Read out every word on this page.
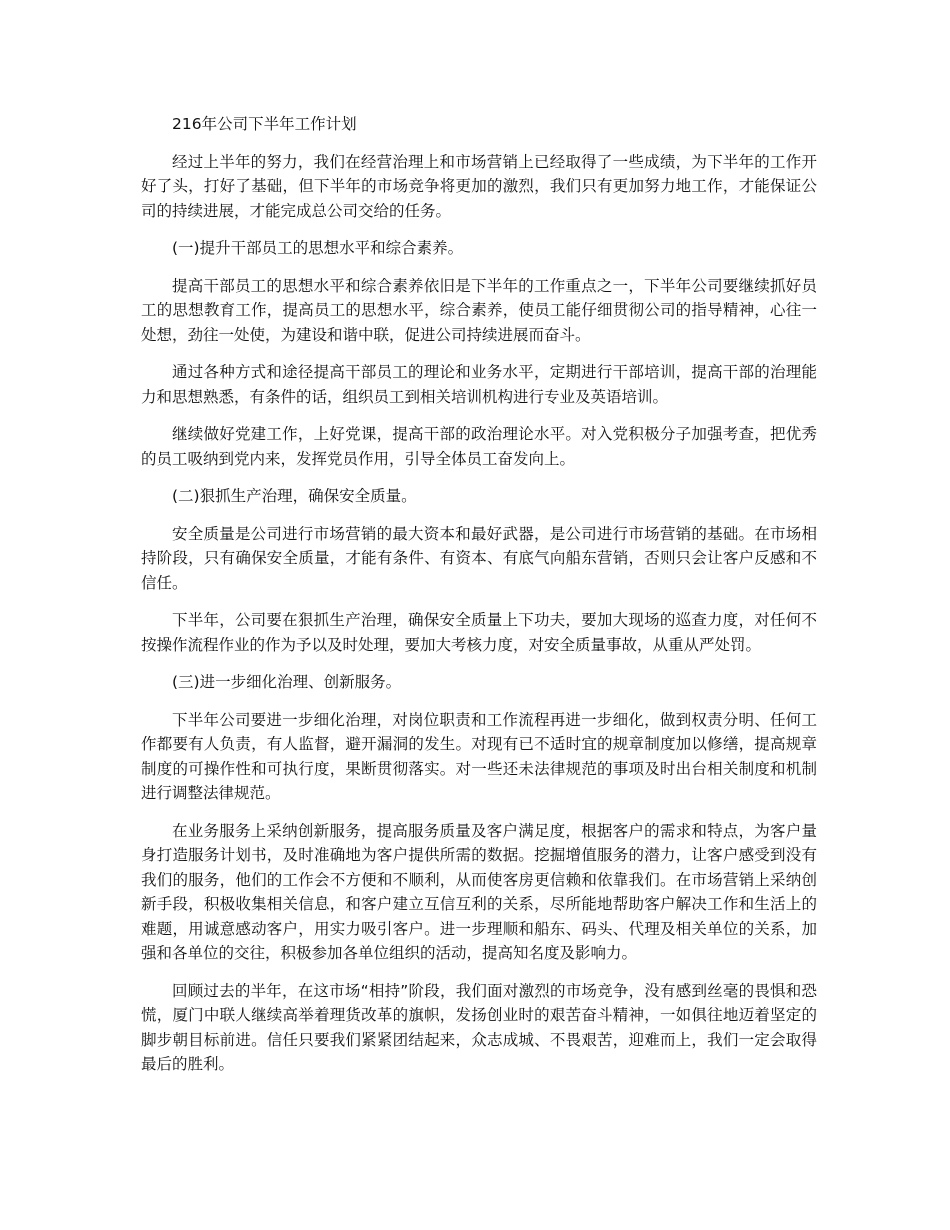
216年公司下半年工作计划

经过上半年的努力，我们在经营治理上和市场营销上已经取得了一些成绩，为下半年的工作开好了头，打好了基础，但下半年的市场竞争将更加的激烈，我们只有更加努力地工作，才能保证公司的持续进展，才能完成总公司交给的任务。

(一)提升干部员工的思想水平和综合素养。

提高干部员工的思想水平和综合素养依旧是下半年的工作重点之一，下半年公司要继续抓好员工的思想教育工作，提高员工的思想水平，综合素养，使员工能仔细贯彻公司的指导精神，心往一处想，劲往一处使，为建设和谐中联，促进公司持续进展而奋斗。

通过各种方式和途径提高干部员工的理论和业务水平，定期进行干部培训，提高干部的治理能力和思想熟悉，有条件的话，组织员工到相关培训机构进行专业及英语培训。

继续做好党建工作，上好党课，提高干部的政治理论水平。对入党积极分子加强考查，把优秀的员工吸纳到党内来，发挥党员作用，引导全体员工奋发向上。

(二)狠抓生产治理，确保安全质量。

安全质量是公司进行市场营销的最大资本和最好武器，是公司进行市场营销的基础。在市场相持阶段，只有确保安全质量，才能有条件、有资本、有底气向船东营销，否则只会让客户反感和不信任。

下半年，公司要在狠抓生产治理，确保安全质量上下功夫，要加大现场的巡查力度，对任何不按操作流程作业的作为予以及时处理，要加大考核力度，对安全质量事故，从重从严处罚。

(三)进一步细化治理、创新服务。

下半年公司要进一步细化治理，对岗位职责和工作流程再进一步细化，做到权责分明、任何工作都要有人负责，有人监督，避开漏洞的发生。对现有已不适时宜的规章制度加以修缮，提高规章制度的可操作性和可执行度，果断贯彻落实。对一些还未法律规范的事项及时出台相关制度和机制进行调整法律规范。

在业务服务上采纳创新服务，提高服务质量及客户满足度，根据客户的需求和特点，为客户量身打造服务计划书，及时准确地为客户提供所需的数据。挖掘增值服务的潜力，让客户感受到没有我们的服务，他们的工作会不方便和不顺利，从而使客房更信赖和依靠我们。在市场营销上采纳创新手段，积极收集相关信息，和客户建立互信互利的关系，尽所能地帮助客户解决工作和生活上的难题，用诚意感动客户，用实力吸引客户。进一步理顺和船东、码头、代理及相关单位的关系，加强和各单位的交往，积极参加各单位组织的活动，提高知名度及影响力。

回顾过去的半年，在这市场“相持”阶段，我们面对激烈的市场竞争，没有感到丝毫的畏惧和恐慌，厦门中联人继续高举着理货改革的旗帜，发扬创业时的艰苦奋斗精神，一如俱往地迈着坚定的脚步朝目标前进。信任只要我们紧紧团结起来，众志成城、不畏艰苦，迎难而上，我们一定会取得最后的胜利。
